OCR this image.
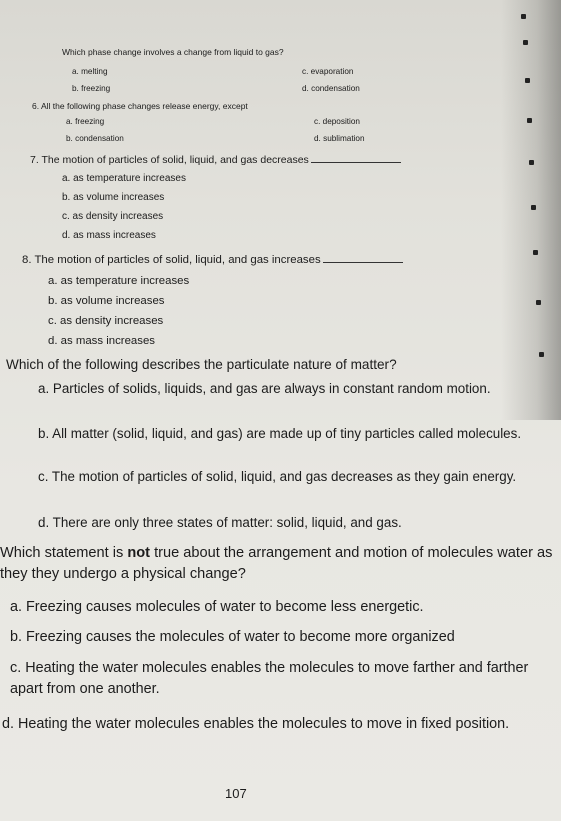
Which phase change involves a change from liquid to gas?
a. melting	c. evaporation
b. freezing	d. condensation
6. All the following phase changes release energy, except
a. freezing	c. deposition
b. condensation	d. sublimation
7. The motion of particles of solid, liquid, and gas decreases
a. as temperature increases
b. as volume increases
c. as density increases
d. as mass increases
8. The motion of particles of solid, liquid, and gas increases
a. as temperature increases
b. as volume increases
c. as density increases
d. as mass increases
Which of the following describes the particulate nature of matter?
a. Particles of solids, liquids, and gas are always in constant random motion.
b. All matter (solid, liquid, and gas) are made up of tiny particles called molecules.
c. The motion of particles of solid, liquid, and gas decreases as they gain energy.
d. There are only three states of matter: solid, liquid, and gas.
Which statement is not true about the arrangement and motion of molecules water as they they undergo a physical change?
a. Freezing causes molecules of water to become less energetic.
b. Freezing causes the molecules of water to become more organized
c. Heating the water molecules enables the molecules to move farther and farther apart from one another.
d. Heating the water molecules enables the molecules to move in fixed position.
107
